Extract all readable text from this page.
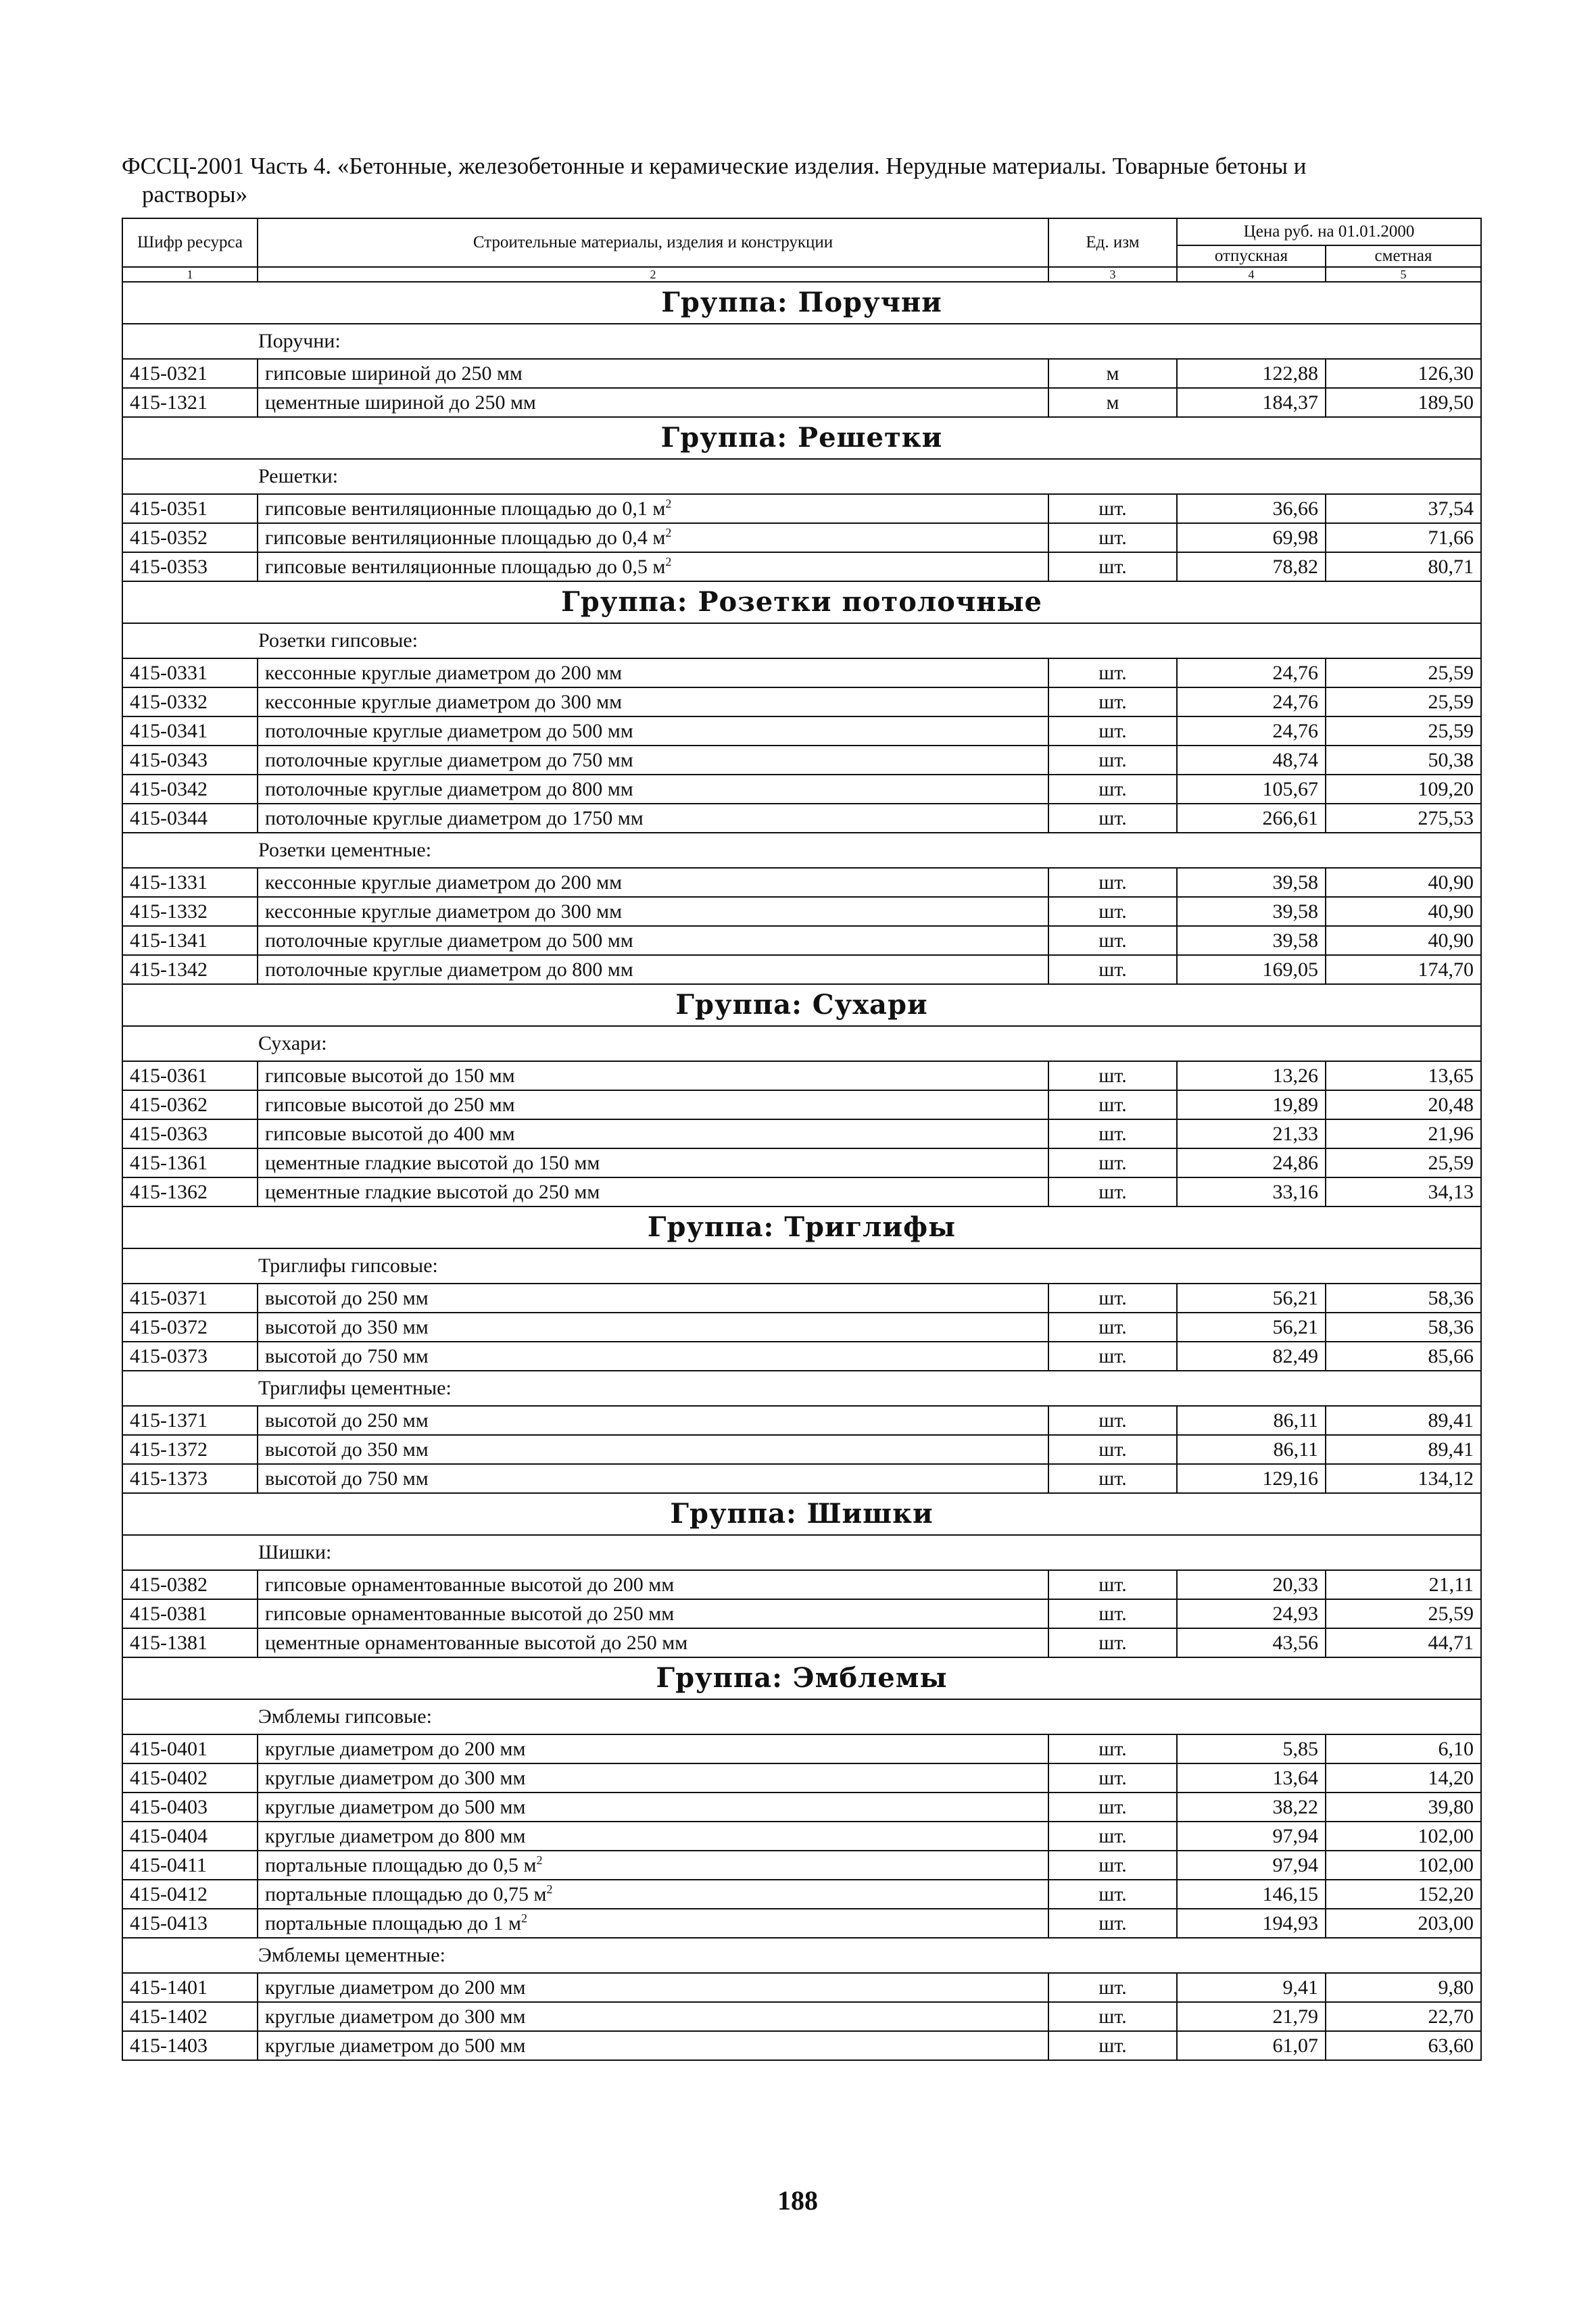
ФССЦ-2001 Часть 4. «Бетонные, железобетонные и керамические изделия. Нерудные материалы. Товарные бетоны и
растворы»
Шифр ресурса	Строительные материалы, изделия и конструкции	Ед. изм	Цена руб. на 01.01.2000	
			отпускная	сметная
1	2	3	4	5
Группа: Поручни				
Поручни:				
415-0321	гипсовые шириной до 250 мм	м	122,88	126,30
415-1321	цементные шириной до 250 мм	м	184,37	189,50
Группа: Решетки				
Решетки:				
415-0351	гипсовые вентиляционные площадью до 0,1 $м^2$	шт.	36,66	37,54
415-0352	гипсовые вентиляционные площадью до 0,4 $м^2$	шт.	69,98	71,66
415-0353	гипсовые вентиляционные площадью до 0,5 $м^2$	шт.	78,82	80,71
Группа: Розетки потолочные				
Розетки гипсовые:				
415-0331	кессонные круглые диаметром до 200 мм	шт.	24,76	25,59
415-0332	кессонные круглые диаметром до 300 мм	шт.	24,76	25,59
415-0341	потолочные круглые диаметром до 500 мм	шт.	24,76	25,59
415-0343	потолочные круглые диаметром до 750 мм	шт.	48,74	50,38
415-0342	потолочные круглые диаметром до 800 мм	шт.	105,67	109,20
415-0344	потолочные круглые диаметром до 1750 мм	шт.	266,61	275,53
Розетки цементные:				
415-1331	кессонные круглые диаметром до 200 мм	шт.	39,58	40,90
415-1332	кессонные круглые диаметром до 300 мм	шт.	39,58	40,90
415-1341	потолочные круглые диаметром до 500 мм	шт.	39,58	40,90
415-1342	потолочные круглые диаметром до 800 мм	шт.	169,05	174,70
Группа: Сухари				
Сухари:				
415-0361	гипсовые высотой до 150 мм	шт.	13,26	13,65
415-0362	гипсовые высотой до 250 мм	шт.	19,89	20,48
415-0363	гипсовые высотой до 400 мм	шт.	21,33	21,96
415-1361	цементные гладкие высотой до 150 мм	шт.	24,86	25,59
415-1362	цементные гладкие высотой до 250 мм	шт.	33,16	34,13
Группа: Триглифы				
Триглифы гипсовые:				
415-0371	высотой до 250 мм	шт.	56,21	58,36
415-0372	высотой до 350 мм	шт.	56,21	58,36
415-0373	высотой до 750 мм	шт.	82,49	85,66
Триглифы цементные:				
415-1371	высотой до 250 мм	шт.	86,11	89,41
415-1372	высотой до 350 мм	шт.	86,11	89,41
415-1373	высотой до 750 мм	шт.	129,16	134,12
Группа: Шишки				
Шишки:				
415-0382	гипсовые орнаментованные высотой до 200 мм	шт.	20,33	21,11
415-0381	гипсовые орнаментованные высотой до 250 мм	шт.	24,93	25,59
415-1381	цементные орнаментованные высотой до 250 мм	шт.	43,56	44,71
Группа: Эмблемы				
Эмблемы гипсовые:				
415-0401	круглые диаметром до 200 мм	шт.	5,85	6,10
415-0402	круглые диаметром до 300 мм	шт.	13,64	14,20
415-0403	круглые диаметром до 500 мм	шт.	38,22	39,80
415-0404	круглые диаметром до 800 мм	шт.	97,94	102,00
415-0411	портальные площадью до 0,5 $м^2$	шт.	97,94	102,00
415-0412	портальные площадью до 0,75 $м^2$	шт.	146,15	152,20
415-0413	портальные площадью до 1 $м^2$	шт.	194,93	203,00
Эмблемы цементные:				
415-1401	круглые диаметром до 200 мм	шт.	9,41	9,80
415-1402	круглые диаметром до 300 мм	шт.	21,79	22,70
415-1403	круглые диаметром до 500 мм	шт.	61,07	63,60
188
